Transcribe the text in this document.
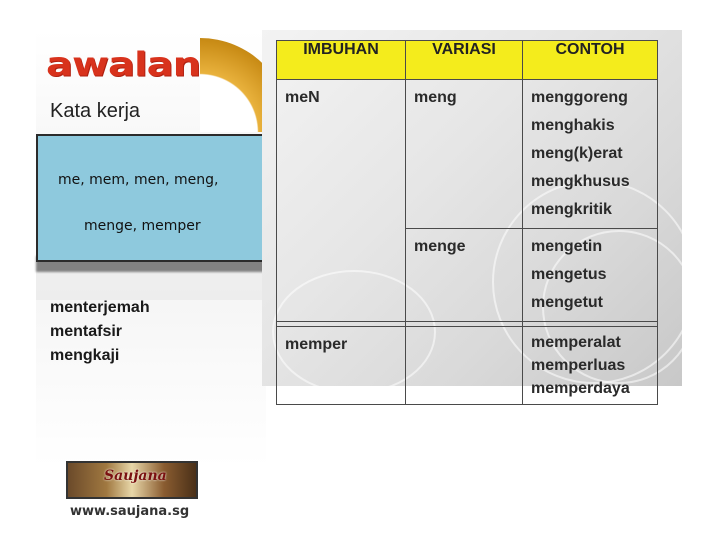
awalan
Kata kerja
me, mem, men, meng,
menge, memper
menterjemah
mentafsir
mengkaji
IMBUHAN	VARIASI	CONTOH

meN	meng	menggoreng
menghakis
meng(k)erat
mengkhusus
mengkritik

	menge	mengetin
mengetus
mengetut

memper		memperalat
memperluas
memperdaya
Saujana
www.saujana.sg
